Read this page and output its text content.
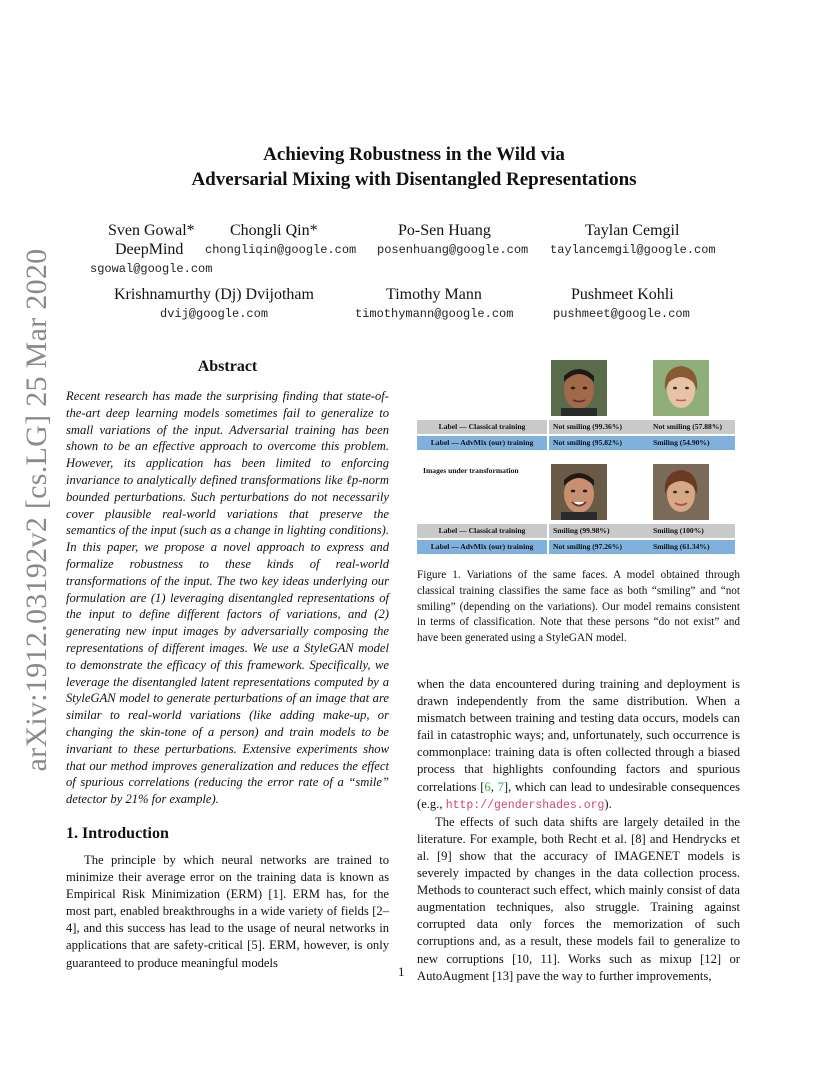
arXiv:1912.03192v2 [cs.LG] 25 Mar 2020
Achieving Robustness in the Wild via
Adversarial Mixing with Disentangled Representations
Sven Gowal*
DeepMind
sgowal@google.com
Chongli Qin*
chongliqin@google.com
Po-Sen Huang
posenhuang@google.com
Taylan Cemgil
taylancemgil@google.com
Krishnamurthy (Dj) Dvijotham
dvij@google.com
Timothy Mann
timothymann@google.com
Pushmeet Kohli
pushmeet@google.com
Abstract
Recent research has made the surprising finding that state-of-the-art deep learning models sometimes fail to generalize to small variations of the input. Adversarial training has been shown to be an effective approach to overcome this problem. However, its application has been limited to enforcing invariance to analytically defined transformations like ℓp-norm bounded perturbations. Such perturbations do not necessarily cover plausible real-world variations that preserve the semantics of the input (such as a change in lighting conditions). In this paper, we propose a novel approach to express and formalize robustness to these kinds of real-world transformations of the input. The two key ideas underlying our formulation are (1) leveraging disentangled representations of the input to define different factors of variations, and (2) generating new input images by adversarially composing the representations of different images. We use a StyleGAN model to demonstrate the efficacy of this framework. Specifically, we leverage the disentangled latent representations computed by a StyleGAN model to generate perturbations of an image that are similar to real-world variations (like adding make-up, or changing the skin-tone of a person) and train models to be invariant to these perturbations. Extensive experiments show that our method improves generalization and reduces the effect of spurious correlations (reducing the error rate of a “smile” detector by 21% for example).
1. Introduction

The principle by which neural networks are trained to minimize their average error on the training data is known as Empirical Risk Minimization (ERM) [1]. ERM has, for the most part, enabled breakthroughs in a wide variety of fields [2–4], and this success has lead to the usage of neural networks in applications that are safety-critical [5]. ERM, however, is only guaranteed to produce meaningful models

Label — Classical training	Not smiling (99.36%)	Not smiling (57.88%)
Label — AdvMix (our) training	Not smiling (95.82%)	Smiling (54.90%)
Images under transformation
Label — Classical training	Smiling (99.98%)	Smiling (100%)
Label — AdvMix (our) training	Not smiling (97.26%)	Smiling (61.34%)
Figure 1. Variations of the same faces. A model obtained through classical training classifies the same face as both “smiling” and “not smiling” (depending on the variations). Our model remains consistent in terms of classification. Note that these persons “do not exist” and have been generated using a StyleGAN model.

when the data encountered during training and deployment is drawn independently from the same distribution. When a mismatch between training and testing data occurs, models can fail in catastrophic ways; and, unfortunately, such occurrence is commonplace: training data is often collected through a biased process that highlights confounding factors and spurious correlations [6, 7], which can lead to undesirable consequences (e.g., http://gendershades.org).

The effects of such data shifts are largely detailed in the literature. For example, both Recht et al. [8] and Hendrycks et al. [9] show that the accuracy of IMAGENET models is severely impacted by changes in the data collection process. Methods to counteract such effect, which mainly consist of data augmentation techniques, also struggle. Training against corrupted data only forces the memorization of such corruptions and, as a result, these models fail to generalize to new corruptions [10, 11]. Works such as mixup [12] or AutoAugment [13] pave the way to further improvements,

1
